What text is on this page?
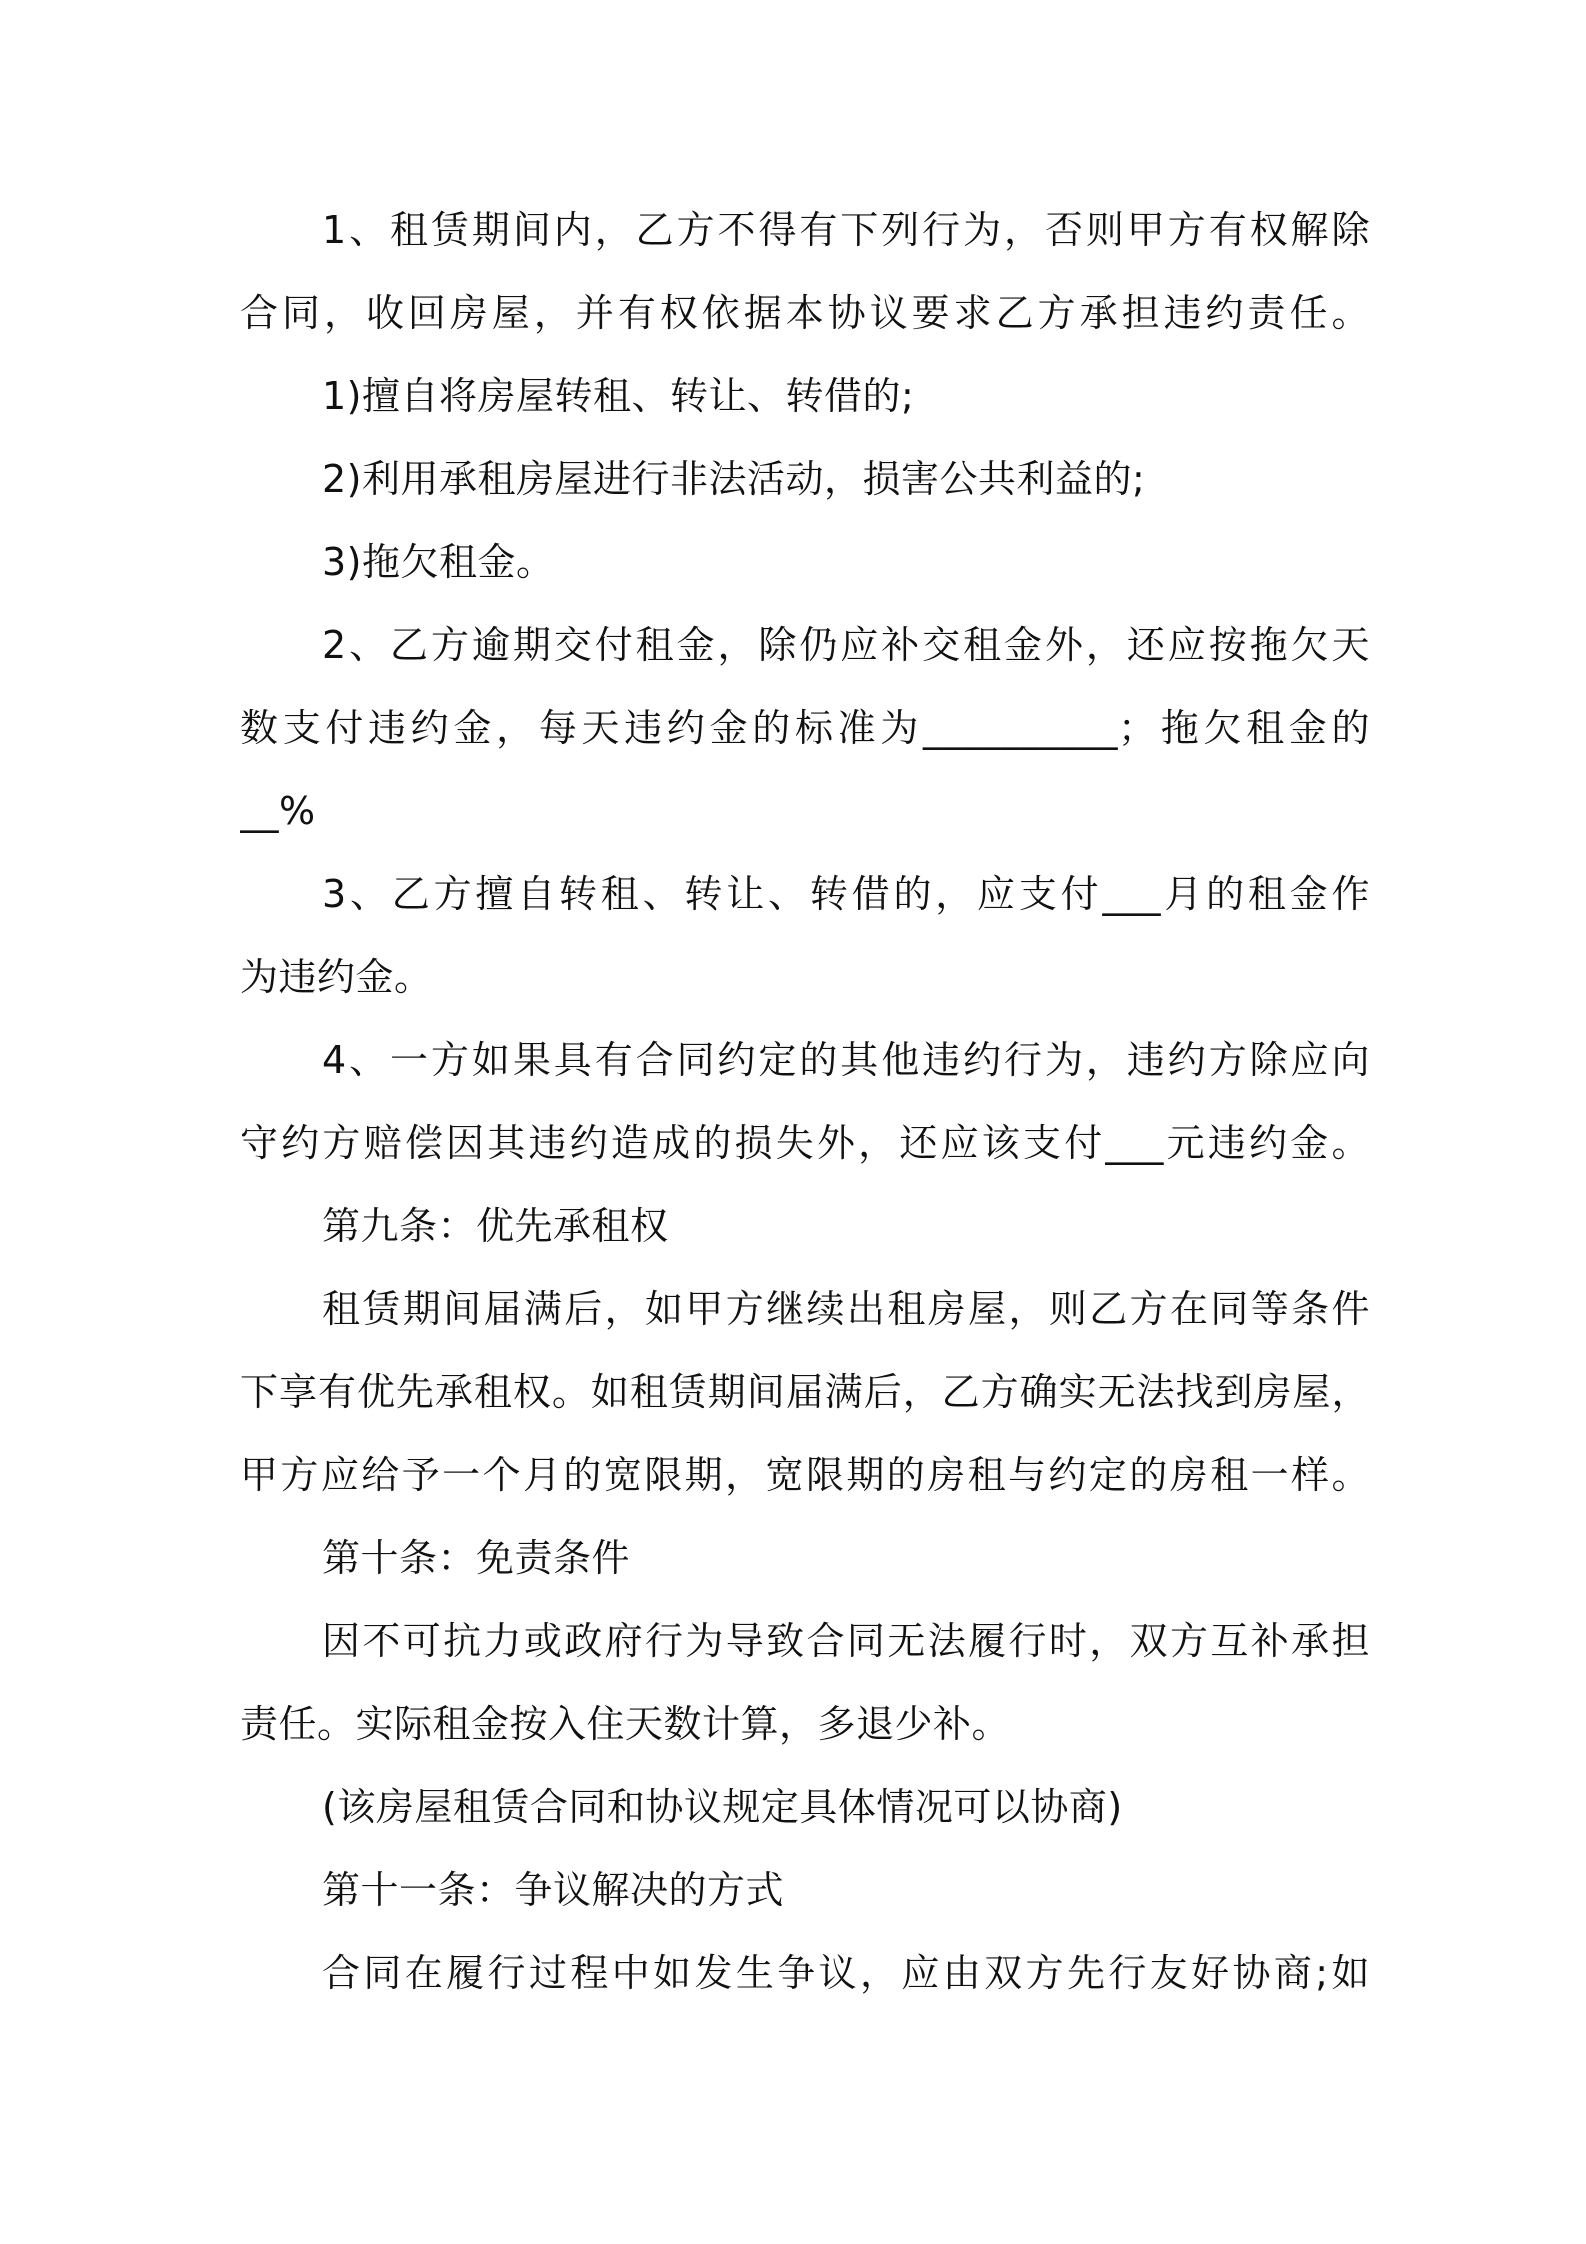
1、租赁期间内，乙方不得有下列行为，否则甲方有权解除
合同，收回房屋，并有权依据本协议要求乙方承担违约责任。
1)擅自将房屋转租、转让、转借的;
2)利用承租房屋进行非法活动，损害公共利益的;
3)拖欠租金。
2、乙方逾期交付租金，除仍应补交租金外，还应按拖欠天
数支付违约金，每天违约金的标准为__________；拖欠租金的
__%
3、乙方擅自转租、转让、转借的，应支付___月的租金作
为违约金。
4、一方如果具有合同约定的其他违约行为，违约方除应向
守约方赔偿因其违约造成的损失外，还应该支付___元违约金。
第九条：优先承租权
租赁期间届满后，如甲方继续出租房屋，则乙方在同等条件
下享有优先承租权。如租赁期间届满后，乙方确实无法找到房屋，
甲方应给予一个月的宽限期，宽限期的房租与约定的房租一样。
第十条：免责条件
因不可抗力或政府行为导致合同无法履行时，双方互补承担
责任。实际租金按入住天数计算，多退少补。
(该房屋租赁合同和协议规定具体情况可以协商)
第十一条：争议解决的方式
合同在履行过程中如发生争议，应由双方先行友好协商;如
